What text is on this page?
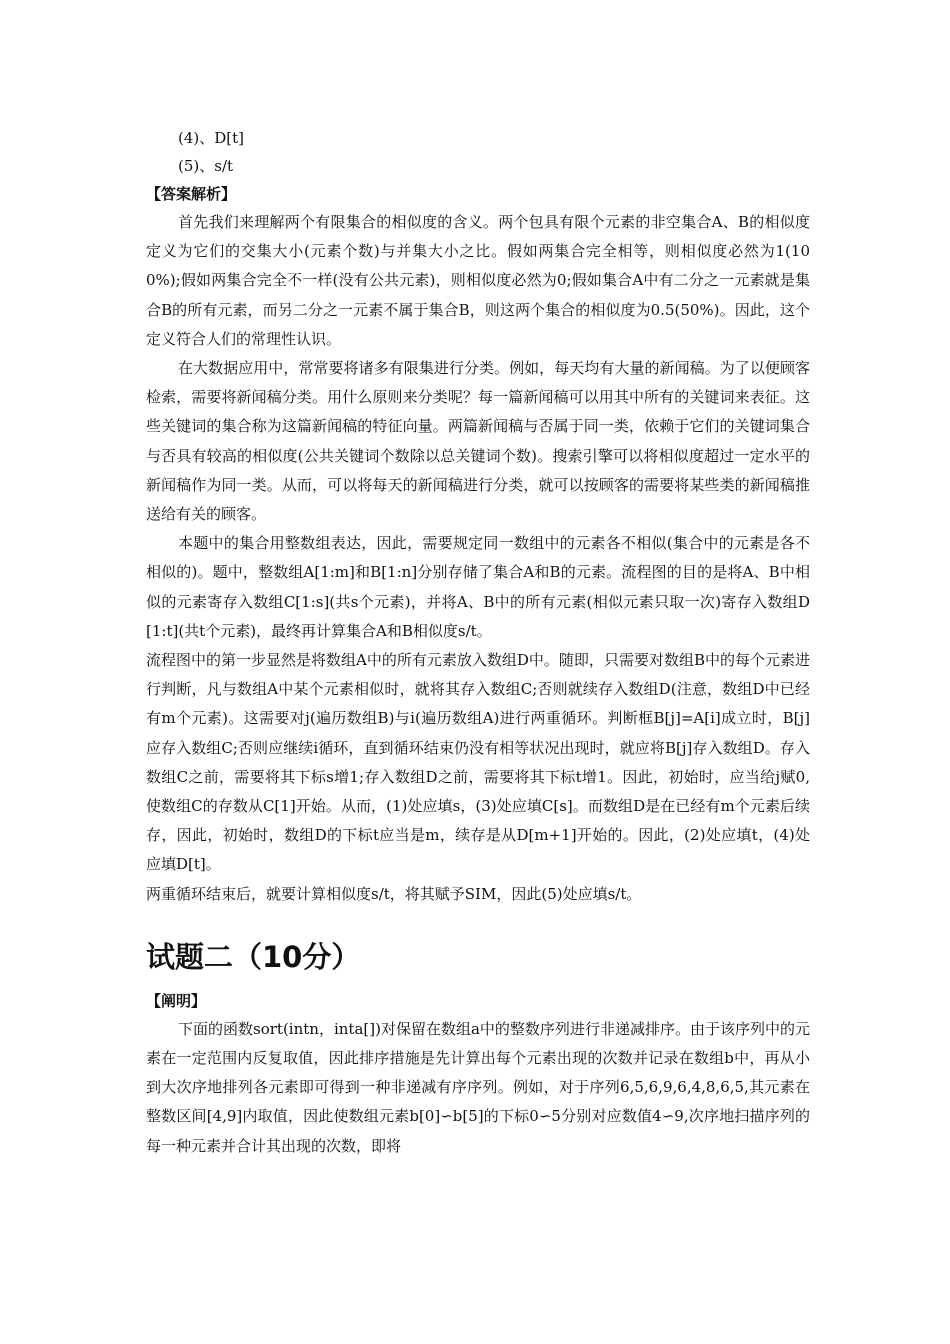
(4)、D[t]

(5)、s/t

【答案解析】

首先我们来理解两个有限集合的相似度的含义。两个包具有限个元素的非空集合A、B的相似度定义为它们的交集大小(元素个数)与并集大小之比。假如两集合完全相等，则相似度必然为1(100%);假如两集合完全不一样(没有公共元素)，则相似度必然为0;假如集合A中有二分之一元素就是集合B的所有元素，而另二分之一元素不属于集合B，则这两个集合的相似度为0.5(50%)。因此，这个定义符合人们的常理性认识。

在大数据应用中，常常要将诸多有限集进行分类。例如，每天均有大量的新闻稿。为了以便顾客检索，需要将新闻稿分类。用什么原则来分类呢？每一篇新闻稿可以用其中所有的关键词来表征。这些关键词的集合称为这篇新闻稿的特征向量。两篇新闻稿与否属于同一类，依赖于它们的关键词集合与否具有较高的相似度(公共关键词个数除以总关键词个数)。搜索引擎可以将相似度超过一定水平的新闻稿作为同一类。从而，可以将每天的新闻稿进行分类，就可以按顾客的需要将某些类的新闻稿推送给有关的顾客。

本题中的集合用整数组表达，因此，需要规定同一数组中的元素各不相似(集合中的元素是各不相似的)。题中，整数组A[1:m]和B[1:n]分别存储了集合A和B的元素。流程图的目的是将A、B中相似的元素寄存入数组C[1:s](共s个元素)，并将A、B中的所有元素(相似元素只取一次)寄存入数组D[1:t](共t个元素)，最终再计算集合A和B相似度s/t。

流程图中的第一步显然是将数组A中的所有元素放入数组D中。随即，只需要对数组B中的每个元素进行判断，凡与数组A中某个元素相似时，就将其存入数组C;否则就续存入数组D(注意，数组D中已经有m个元素)。这需要对j(遍历数组B)与i(遍历数组A)进行两重循环。判断框B[j]=A[i]成立时，B[j]应存入数组C;否则应继续i循环，直到循环结束仍没有相等状况出现时，就应将B[j]存入数组D。存入数组C之前，需要将其下标s增1;存入数组D之前，需要将其下标t增1。因此，初始时，应当给j赋0,使数组C的存数从C[1]开始。从而，(1)处应填s，(3)处应填C[s]。而数组D是在已经有m个元素后续存，因此，初始时，数组D的下标t应当是m，续存是从D[m+1]开始的。因此，(2)处应填t，(4)处应填D[t]。

两重循环结束后，就要计算相似度s/t，将其赋予SIM，因此(5)处应填s/t。

试题二（10分）

【阐明】

下面的函数sort(intn，inta[])对保留在数组a中的整数序列进行非递减排序。由于该序列中的元素在一定范围内反复取值，因此排序措施是先计算出每个元素出现的次数并记录在数组b中，再从小到大次序地排列各元素即可得到一种非递减有序序列。例如，对于序列6,5,6,9,6,4,8,6,5,其元素在整数区间[4,9]内取值，因此使数组元素b[0]∽b[5]的下标0∽5分别对应数值4∽9,次序地扫描序列的每一种元素并合计其出现的次数，即将
